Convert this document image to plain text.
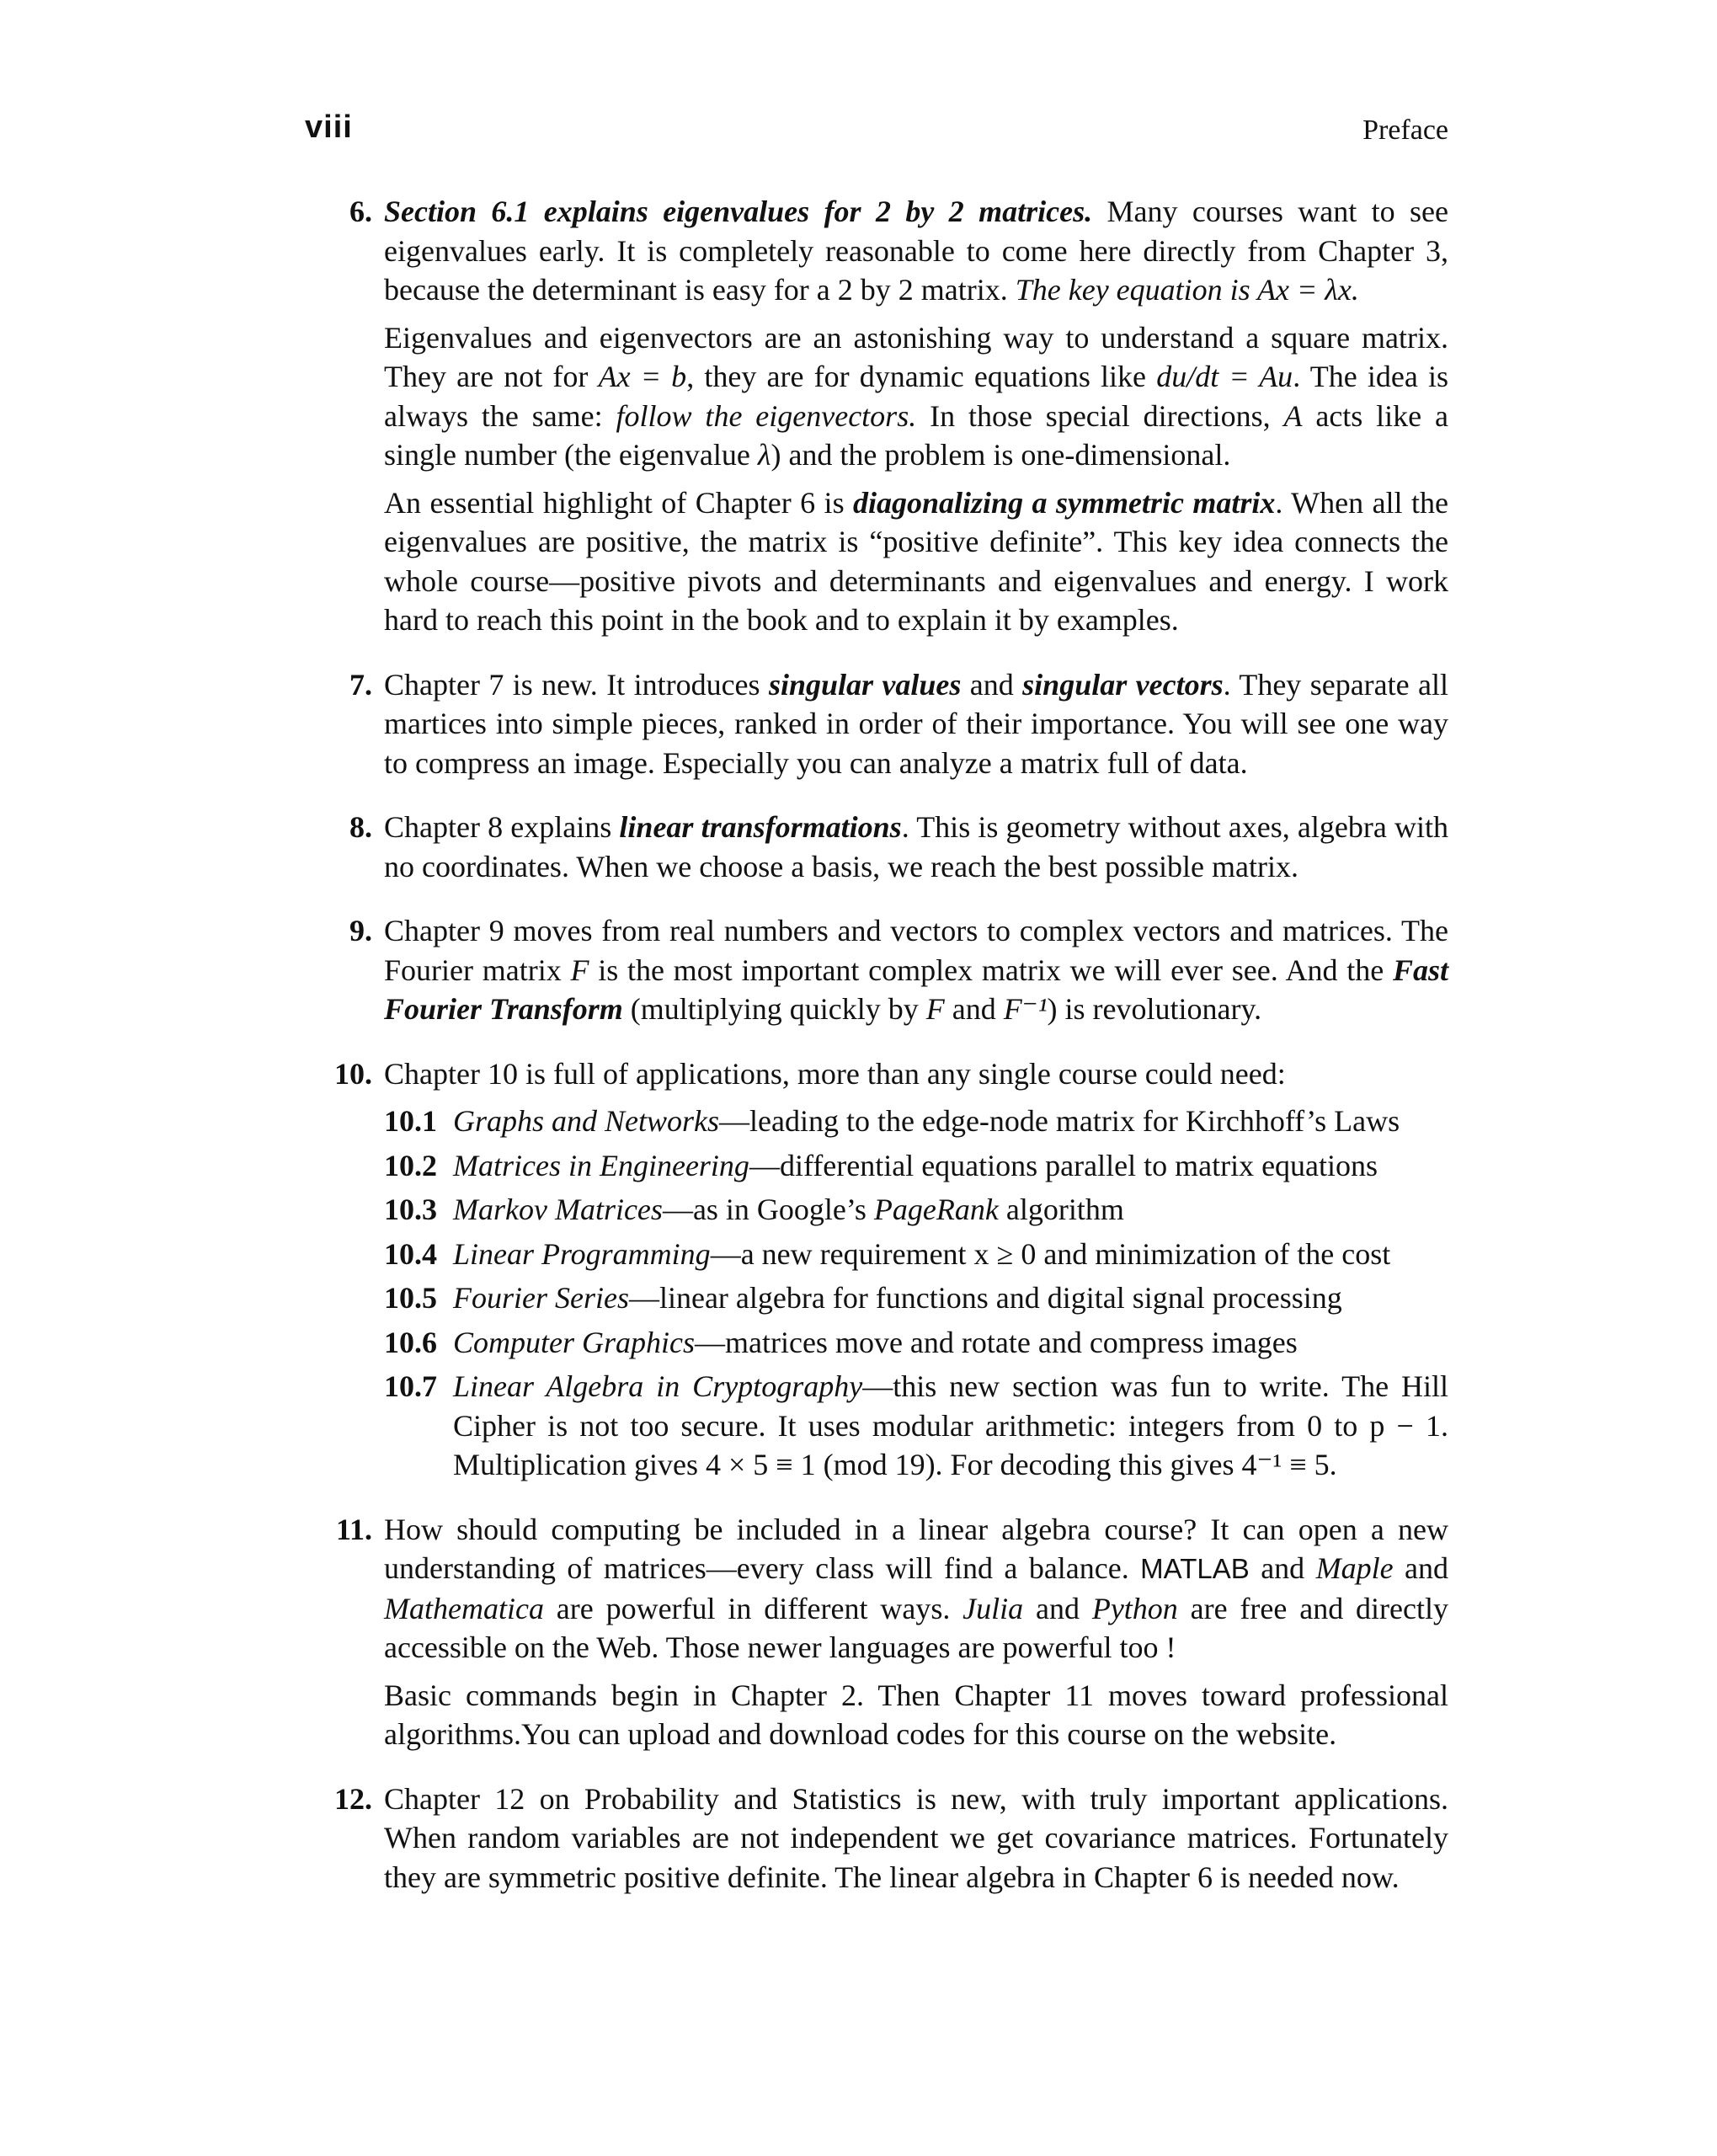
viii	Preface
6. Section 6.1 explains eigenvalues for 2 by 2 matrices. Many courses want to see eigenvalues early. It is completely reasonable to come here directly from Chapter 3, because the determinant is easy for a 2 by 2 matrix. The key equation is Ax = λx.

Eigenvalues and eigenvectors are an astonishing way to understand a square matrix. They are not for Ax = b, they are for dynamic equations like du/dt = Au. The idea is always the same: follow the eigenvectors. In those special directions, A acts like a single number (the eigenvalue λ) and the problem is one-dimensional.

An essential highlight of Chapter 6 is diagonalizing a symmetric matrix. When all the eigenvalues are positive, the matrix is “positive definite”. This key idea connects the whole course—positive pivots and determinants and eigenvalues and energy. I work hard to reach this point in the book and to explain it by examples.

7. Chapter 7 is new. It introduces singular values and singular vectors. They separate all martices into simple pieces, ranked in order of their importance. You will see one way to compress an image. Especially you can analyze a matrix full of data.

8. Chapter 8 explains linear transformations. This is geometry without axes, algebra with no coordinates. When we choose a basis, we reach the best possible matrix.

9. Chapter 9 moves from real numbers and vectors to complex vectors and matrices. The Fourier matrix F is the most important complex matrix we will ever see. And the Fast Fourier Transform (multiplying quickly by F and F⁻¹) is revolutionary.

10. Chapter 10 is full of applications, more than any single course could need:

10.1 Graphs and Networks—leading to the edge-node matrix for Kirchhoff’s Laws
10.2 Matrices in Engineering—differential equations parallel to matrix equations
10.3 Markov Matrices—as in Google’s PageRank algorithm
10.4 Linear Programming—a new requirement x ≥ 0 and minimization of the cost
10.5 Fourier Series—linear algebra for functions and digital signal processing
10.6 Computer Graphics—matrices move and rotate and compress images
10.7 Linear Algebra in Cryptography—this new section was fun to write. The Hill Cipher is not too secure. It uses modular arithmetic: integers from 0 to p − 1. Multiplication gives 4 × 5 ≡ 1 (mod 19). For decoding this gives 4⁻¹ ≡ 5.
11. How should computing be included in a linear algebra course? It can open a new understanding of matrices—every class will find a balance. MATLAB and Maple and Mathematica are powerful in different ways. Julia and Python are free and directly accessible on the Web. Those newer languages are powerful too !

Basic commands begin in Chapter 2. Then Chapter 11 moves toward professional algorithms.You can upload and download codes for this course on the website.

12. Chapter 12 on Probability and Statistics is new, with truly important applications. When random variables are not independent we get covariance matrices. Fortunately they are symmetric positive definite. The linear algebra in Chapter 6 is needed now.
